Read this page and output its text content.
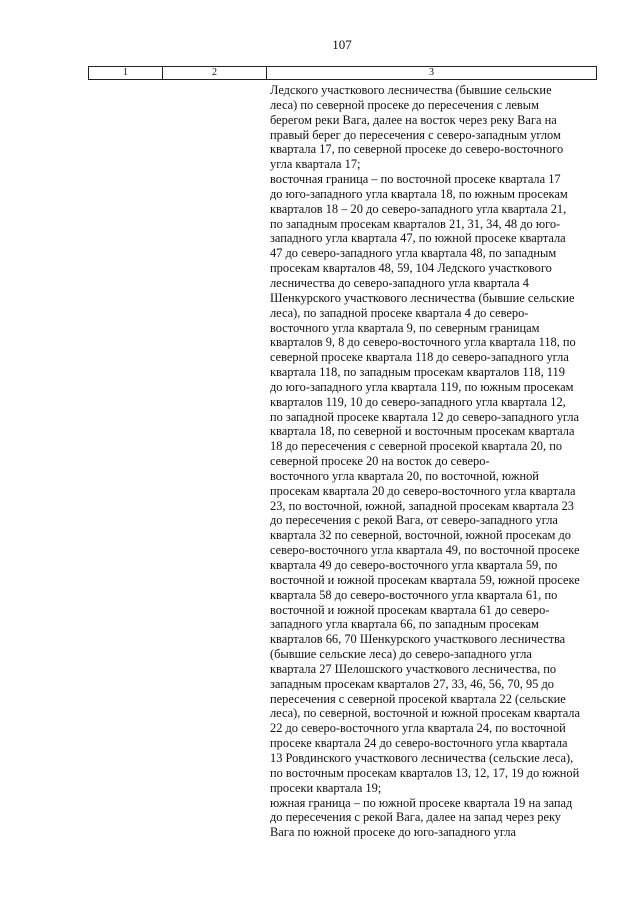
107
1	2	3
Ледского участкового лесничества (бывшие сельские
леса) по северной просеке до пересечения с левым
берегом реки Вага, далее на восток через реку Вага на
правый берег до пересечения с северо-западным углом
квартала 17, по северной просеке до северо-восточного
угла квартала 17;
восточная граница – по восточной просеке квартала 17
до юго-западного угла квартала 18, по южным просекам
кварталов 18 – 20 до северо-западного угла квартала 21,
по западным просекам кварталов 21, 31, 34, 48 до юго-
западного угла квартала 47, по южной просеке квартала
47 до северо-западного угла квартала 48, по западным
просекам кварталов 48, 59, 104 Ледского участкового
лесничества до северо-западного угла квартала 4
Шенкурского участкового лесничества (бывшие сельские
леса), по западной просеке квартала 4 до северо-
восточного угла квартала 9, по северным границам
кварталов 9, 8 до северо-восточного угла квартала 118, по
северной просеке квартала 118 до северо-западного угла
квартала 118, по западным просекам кварталов 118, 119
до юго-западного угла квартала 119, по южным просекам
кварталов 119, 10 до северо-западного угла квартала 12,
по западной просеке квартала 12 до северо-западного угла
квартала 18, по северной и восточным просекам квартала
18 до пересечения с северной просекой квартала 20, по
северной просеке 20 на восток до северо-
восточного угла квартала 20, по восточной, южной
просекам квартала 20 до северо-восточного угла квартала
23, по восточной, южной, западной просекам квартала 23
до пересечения с рекой Вага, от северо-западного угла
квартала 32 по северной, восточной, южной просекам до
северо-восточного угла квартала 49, по восточной просеке
квартала 49 до северо-восточного угла квартала 59, по
восточной и южной просекам квартала 59, южной просеке
квартала 58 до северо-восточного угла квартала 61, по
восточной и южной просекам квартала 61 до северо-
западного угла квартала 66, по западным просекам
кварталов 66, 70 Шенкурского участкового лесничества
(бывшие сельские леса) до северо-западного угла
квартала 27 Шелошского участкового лесничества, по
западным просекам кварталов 27, 33, 46, 56, 70, 95 до
пересечения с северной просекой квартала 22 (сельские
леса), по северной, восточной и южной просекам квартала
22 до северо-восточного угла квартала 24, по восточной
просеке квартала 24 до северо-восточного угла квартала
13 Ровдинского участкового лесничества (сельские леса),
по восточным просекам кварталов 13, 12, 17, 19 до южной
просеки квартала 19;
южная граница – по южной просеке квартала 19 на запад
до пересечения с рекой Вага, далее на запад через реку
Вага по южной просеке до юго-западного угла
